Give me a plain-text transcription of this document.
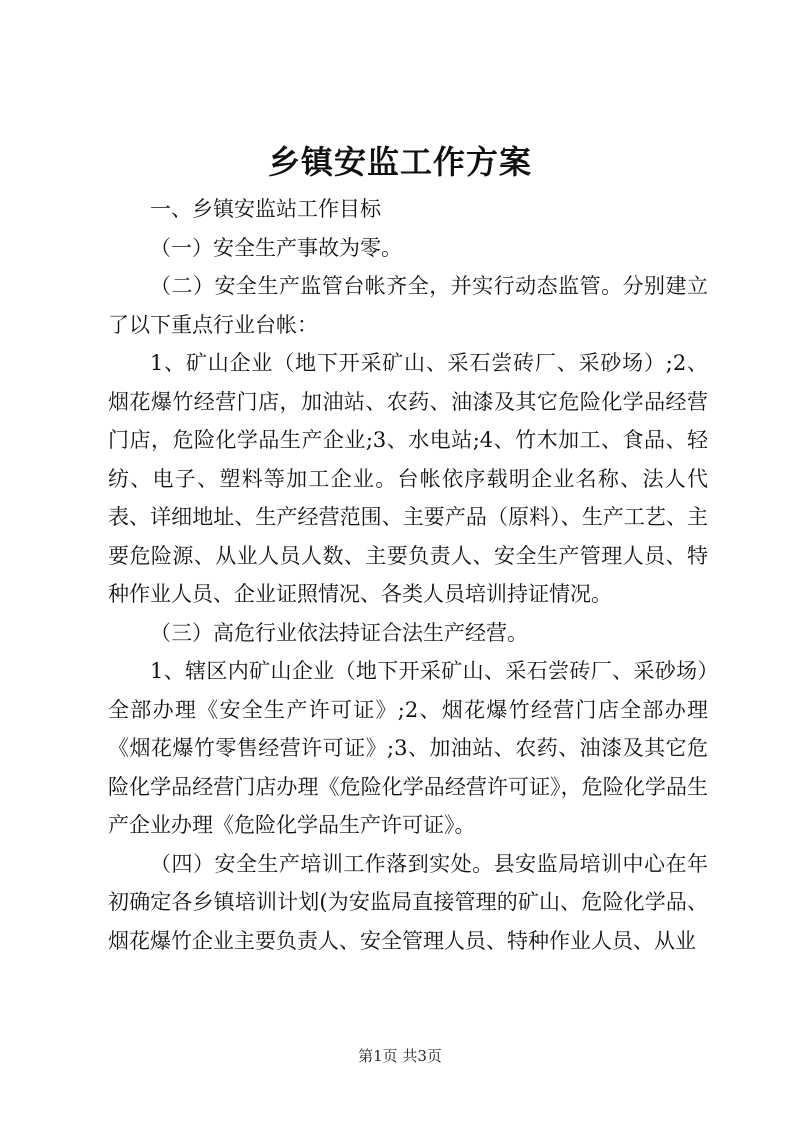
乡镇安监工作方案

一、乡镇安监站工作目标

（一）安全生产事故为零。

（二）安全生产监管台帐齐全，并实行动态监管。分别建立了以下重点行业台帐：

1、矿山企业（地下开采矿山、采石尝砖厂、采砂场）;2、烟花爆竹经营门店，加油站、农药、油漆及其它危险化学品经营门店，危险化学品生产企业;3、水电站;4、竹木加工、食品、轻纺、电子、塑料等加工企业。台帐依序载明企业名称、法人代表、详细地址、生产经营范围、主要产品（原料）、生产工艺、主要危险源、从业人员人数、主要负责人、安全生产管理人员、特种作业人员、企业证照情况、各类人员培训持证情况。

（三）高危行业依法持证合法生产经营。

1、辖区内矿山企业（地下开采矿山、采石尝砖厂、采砂场）全部办理《安全生产许可证》;2、烟花爆竹经营门店全部办理《烟花爆竹零售经营许可证》;3、加油站、农药、油漆及其它危险化学品经营门店办理《危险化学品经营许可证》，危险化学品生产企业办理《危险化学品生产许可证》。

（四）安全生产培训工作落到实处。县安监局培训中心在年初确定各乡镇培训计划(为安监局直接管理的矿山、危险化学品、烟花爆竹企业主要负责人、安全管理人员、特种作业人员、从业

第1页 共3页
